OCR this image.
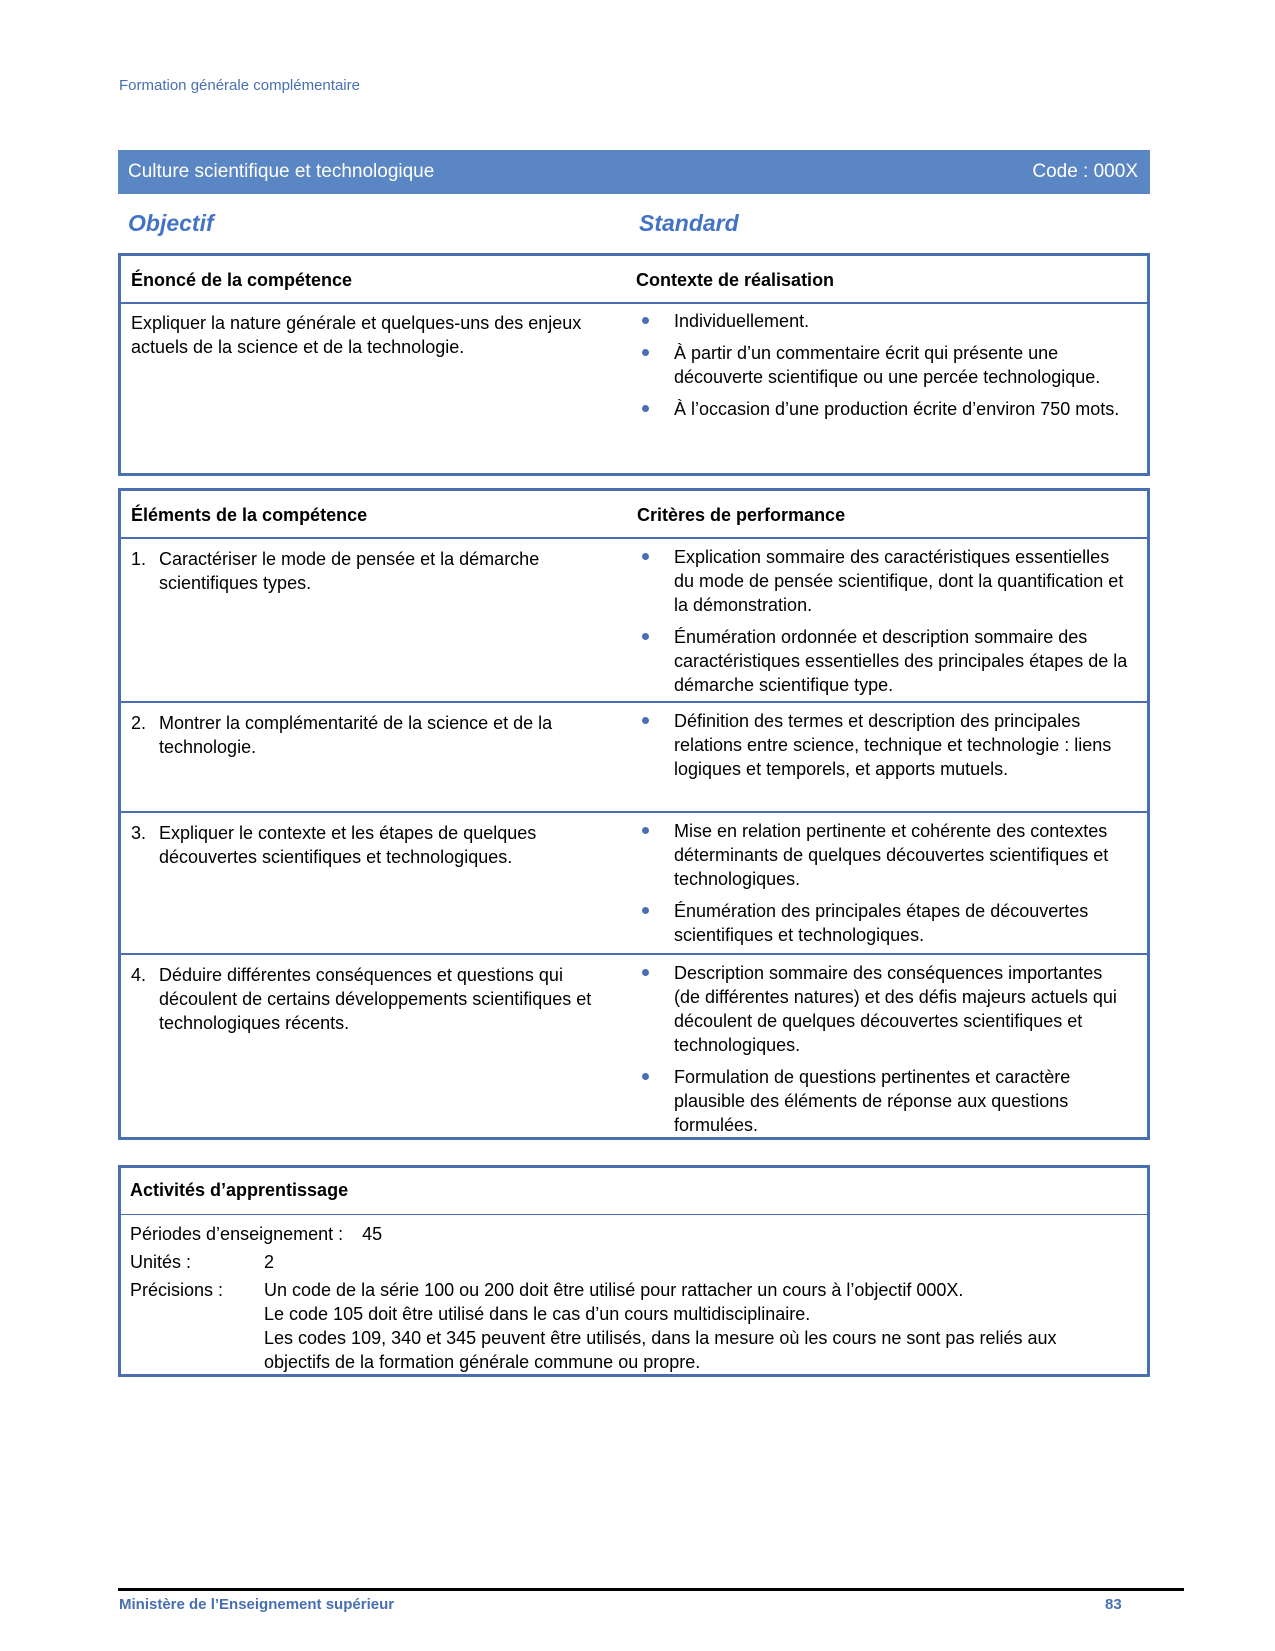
Formation générale complémentaire
Culture scientifique et technologique	Code : 000X
Objectif	Standard
Énoncé de la compétence	Contexte de réalisation
Expliquer la nature générale et quelques-uns des enjeux actuels de la science et de la technologie.
Individuellement.
À partir d’un commentaire écrit qui présente une découverte scientifique ou une percée technologique.
À l’occasion d’une production écrite d’environ 750 mots.
Éléments de la compétence	Critères de performance
1. Caractériser le mode de pensée et la démarche scientifiques types.
Explication sommaire des caractéristiques essentielles du mode de pensée scientifique, dont la quantification et la démonstration.
Énumération ordonnée et description sommaire des caractéristiques essentielles des principales étapes de la démarche scientifique type.
2. Montrer la complémentarité de la science et de la technologie.
Définition des termes et description des principales relations entre science, technique et technologie : liens logiques et temporels, et apports mutuels.
3. Expliquer le contexte et les étapes de quelques découvertes scientifiques et technologiques.
Mise en relation pertinente et cohérente des contextes déterminants de quelques découvertes scientifiques et technologiques.
Énumération des principales étapes de découvertes scientifiques et technologiques.
4. Déduire différentes conséquences et questions qui découlent de certains développements scientifiques et technologiques récents.
Description sommaire des conséquences importantes (de différentes natures) et des défis majeurs actuels qui découlent de quelques découvertes scientifiques et technologiques.
Formulation de questions pertinentes et caractère plausible des éléments de réponse aux questions formulées.
Activités d’apprentissage
Périodes d’enseignement : 45
Unités :	2
Précisions : Un code de la série 100 ou 200 doit être utilisé pour rattacher un cours à l’objectif 000X.
Le code 105 doit être utilisé dans le cas d’un cours multidisciplinaire.
Les codes 109, 340 et 345 peuvent être utilisés, dans la mesure où les cours ne sont pas reliés aux objectifs de la formation générale commune ou propre.
Ministère de l’Enseignement supérieur	83
